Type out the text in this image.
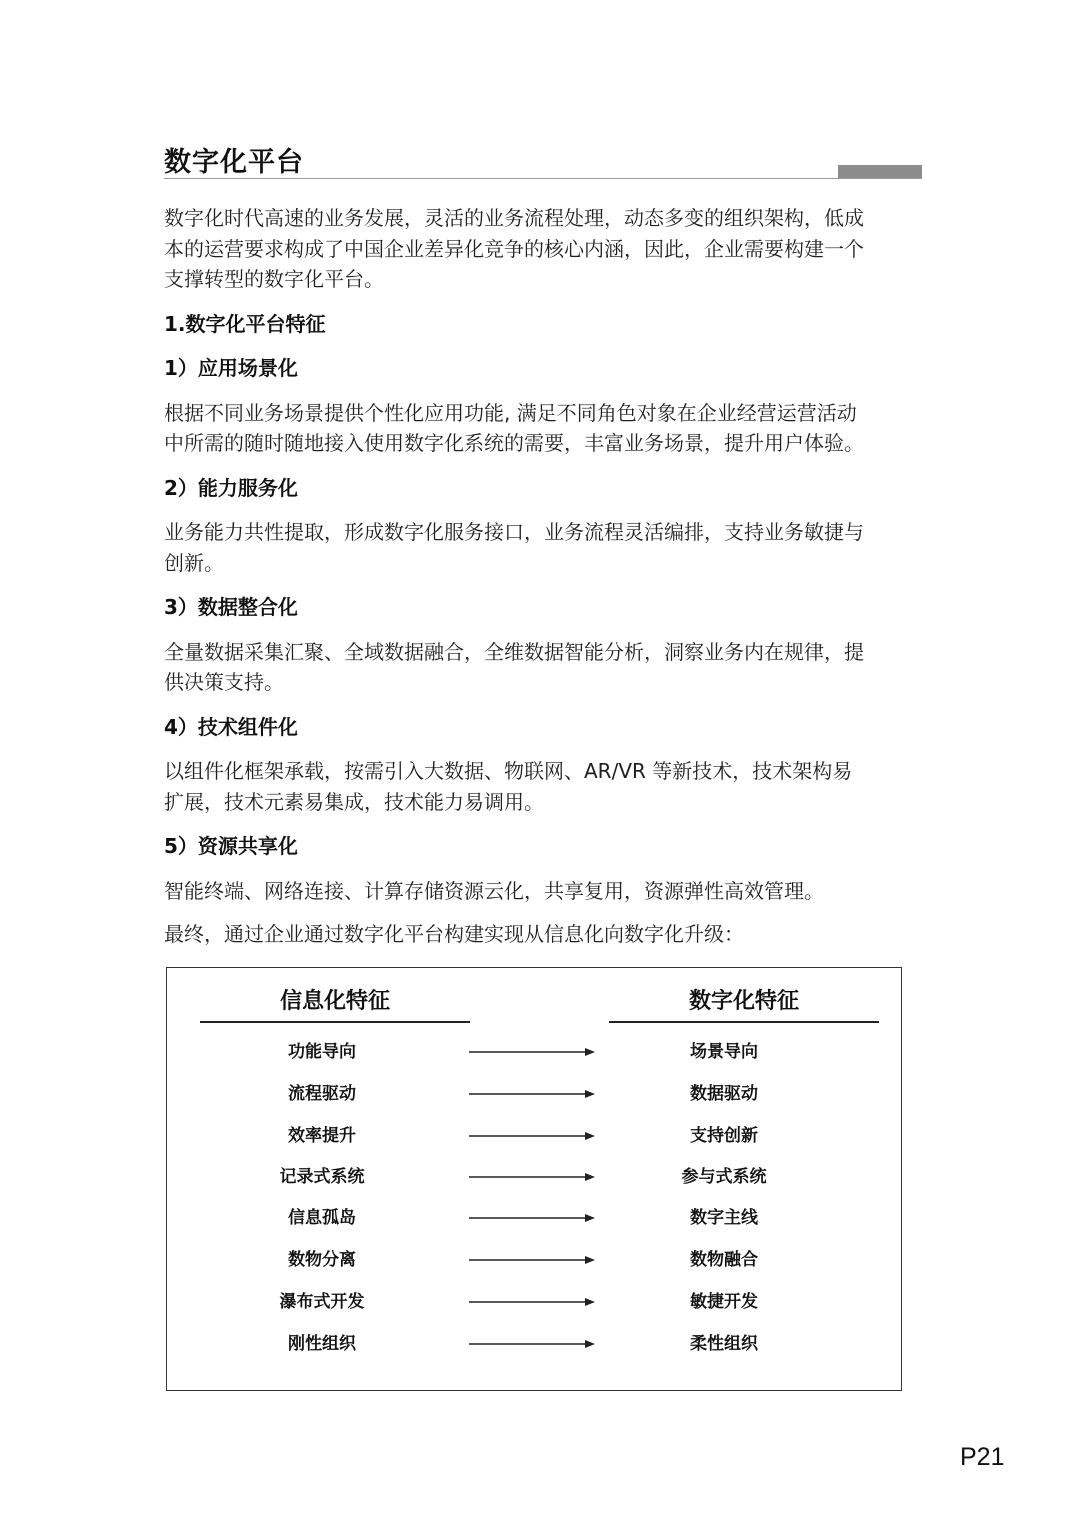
数字化平台

数字化时代高速的业务发展，灵活的业务流程处理，动态多变的组织架构，低成

本的运营要求构成了中国企业差异化竞争的核心内涵，因此，企业需要构建一个

支撑转型的数字化平台。

1.数字化平台特征

1）应用场景化

根据不同业务场景提供个性化应用功能, 满足不同角色对象在企业经营运营活动

中所需的随时随地接入使用数字化系统的需要，丰富业务场景，提升用户体验。

2）能力服务化

业务能力共性提取，形成数字化服务接口，业务流程灵活编排，支持业务敏捷与

创新。

3）数据整合化

全量数据采集汇聚、全域数据融合，全维数据智能分析，洞察业务内在规律，提

供决策支持。

4）技术组件化

以组件化框架承载，按需引入大数据、物联网、AR/VR 等新技术，技术架构易

扩展，技术元素易集成，技术能力易调用。

5）资源共享化

智能终端、网络连接、计算存储资源云化，共享复用，资源弹性高效管理。

最终，通过企业通过数字化平台构建实现从信息化向数字化升级：

信息化特征	数字化特征
功能导向	场景导向
流程驱动	数据驱动
效率提升	支持创新
记录式系统	参与式系统
信息孤岛	数字主线
数物分离	数物融合
瀑布式开发	敏捷开发
刚性组织	柔性组织
P21
